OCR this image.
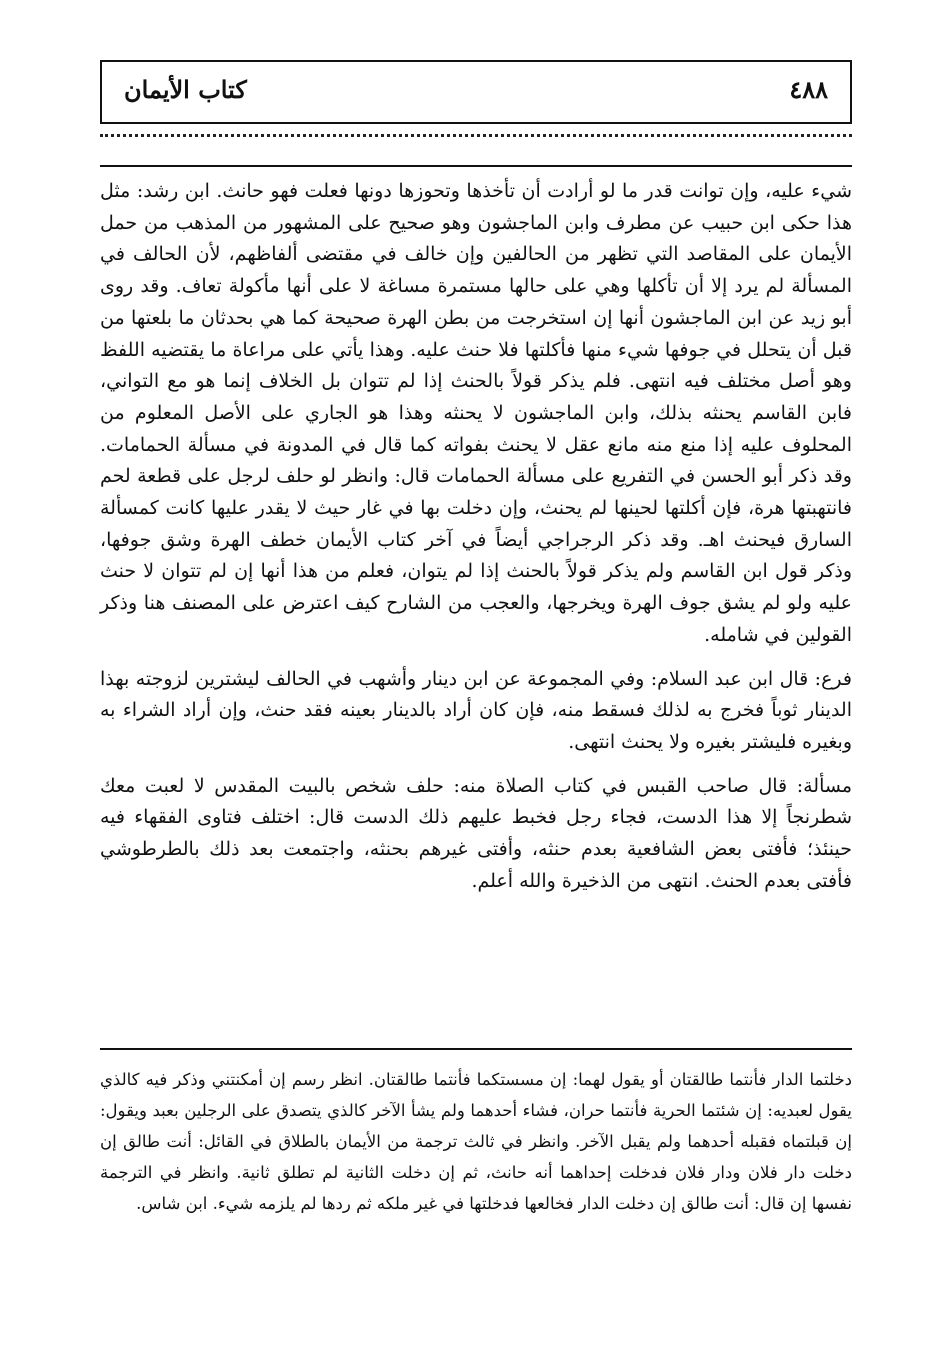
٤٨٨
كتاب الأيمان

شيء عليه، وإن توانت قدر ما لو أرادت أن تأخذها وتحوزها دونها فعلت فهو حانث. ابن رشد: مثل هذا حكى ابن حبيب عن مطرف وابن الماجشون وهو صحيح على المشهور من المذهب من حمل الأيمان على المقاصد التي تظهر من الحالفين وإن خالف في مقتضى ألفاظهم، لأن الحالف في المسألة لم يرد إلا أن تأكلها وهي على حالها مستمرة مساغة لا على أنها مأكولة تعاف. وقد روى أبو زيد عن ابن الماجشون أنها إن استخرجت من بطن الهرة صحيحة كما هي بحدثان ما بلعتها من قبل أن يتحلل في جوفها شيء منها فأكلتها فلا حنث عليه. وهذا يأتي على مراعاة ما يقتضيه اللفظ وهو أصل مختلف فيه انتهى. فلم يذكر قولاً بالحنث إذا لم تتوان بل الخلاف إنما هو مع التواني، فابن القاسم يحنثه بذلك، وابن الماجشون لا يحنثه وهذا هو الجاري على الأصل المعلوم من المحلوف عليه إذا منع منه مانع عقل لا يحنث بفواته كما قال في المدونة في مسألة الحمامات. وقد ذكر أبو الحسن في التفريع على مسألة الحمامات قال: وانظر لو حلف لرجل على قطعة لحم فانتهبتها هرة، فإن أكلتها لحينها لم يحنث، وإن دخلت بها في غار حيث لا يقدر عليها كانت كمسألة السارق فيحنث اهـ. وقد ذكر الرجراجي أيضاً في آخر كتاب الأيمان خطف الهرة وشق جوفها، وذكر قول ابن القاسم ولم يذكر قولاً بالحنث إذا لم يتوان، فعلم من هذا أنها إن لم تتوان لا حنث عليه ولو لم يشق جوف الهرة ويخرجها، والعجب من الشارح كيف اعترض على المصنف هنا وذكر القولين في شامله.

فرع: قال ابن عبد السلام: وفي المجموعة عن ابن دينار وأشهب في الحالف ليشترين لزوجته بهذا الدينار ثوباً فخرج به لذلك فسقط منه، فإن كان أراد بالدينار بعينه فقد حنث، وإن أراد الشراء به وبغيره فليشتر بغيره ولا يحنث انتهى.

مسألة: قال صاحب القبس في كتاب الصلاة منه: حلف شخص بالبيت المقدس لا لعبت معك شطرنجاً إلا هذا الدست، فجاء رجل فخبط عليهم ذلك الدست قال: اختلف فتاوى الفقهاء فيه حينئذ؛ فأفتى بعض الشافعية بعدم حنثه، وأفتى غيرهم بحنثه، واجتمعت بعد ذلك بالطرطوشي فأفتى بعدم الحنث. انتهى من الذخيرة والله أعلم.

دخلتما الدار فأنتما طالقتان أو يقول لهما: إن مسستكما فأنتما طالقتان. انظر رسم إن أمكنتني وذكر فيه كالذي يقول لعبديه: إن شئتما الحرية فأنتما حران، فشاء أحدهما ولم يشأ الآخر كالذي يتصدق على الرجلين بعبد ويقول: إن قبلتماه فقبله أحدهما ولم يقبل الآخر. وانظر في ثالث ترجمة من الأيمان بالطلاق في القائل: أنت طالق إن دخلت دار فلان ودار فلان فدخلت إحداهما أنه حانث، ثم إن دخلت الثانية لم تطلق ثانية. وانظر في الترجمة نفسها إن قال: أنت طالق إن دخلت الدار فخالعها فدخلتها في غير ملكه ثم ردها لم يلزمه شيء. ابن شاس.
